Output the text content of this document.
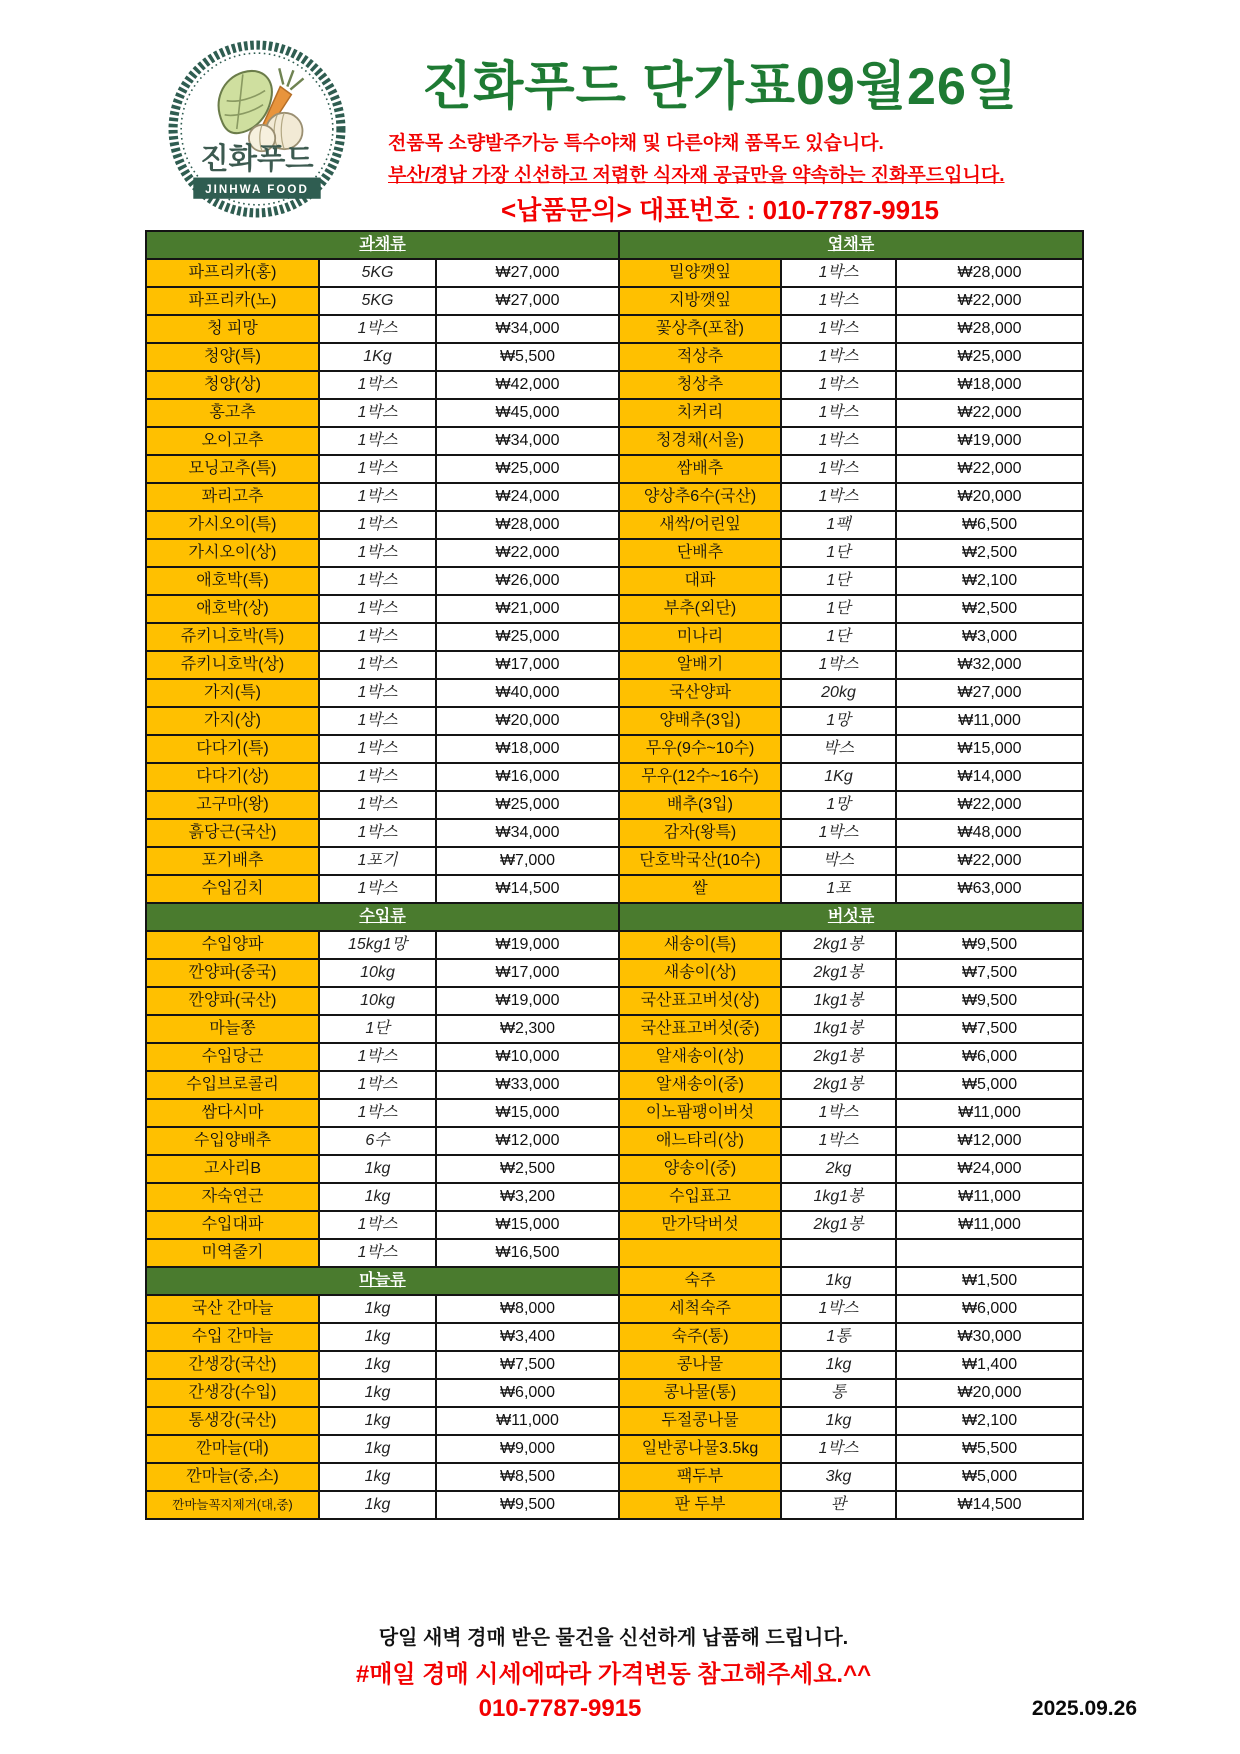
진화푸드
JINHWA FOOD
진화푸드 단가표09월26일
전품목 소량발주가능 특수야채 및 다른야채 품목도 있습니다.
부산/경남 가장 신선하고 저렴한 식자재 공급만을 약속하는 진화푸드입니다.
<납품문의> 대표번호 : 010-7787-9915
과채류			엽채류		
파프리카(홍)	5KG	₩27,000	밀양깻잎	1박스	₩28,000
파프리카(노)	5KG	₩27,000	지방깻잎	1박스	₩22,000
청 피망	1박스	₩34,000	꽃상추(포찹)	1박스	₩28,000
청양(특)	1Kg	₩5,500	적상추	1박스	₩25,000
청양(상)	1박스	₩42,000	청상추	1박스	₩18,000
홍고추	1박스	₩45,000	치커리	1박스	₩22,000
오이고추	1박스	₩34,000	청경채(서울)	1박스	₩19,000
모닝고추(특)	1박스	₩25,000	쌈배추	1박스	₩22,000
꽈리고추	1박스	₩24,000	양상추6수(국산)	1박스	₩20,000
가시오이(특)	1박스	₩28,000	새싹/어린잎	1팩	₩6,500
가시오이(상)	1박스	₩22,000	단배추	1단	₩2,500
애호박(특)	1박스	₩26,000	대파	1단	₩2,100
애호박(상)	1박스	₩21,000	부추(외단)	1단	₩2,500
쥬키니호박(특)	1박스	₩25,000	미나리	1단	₩3,000
쥬키니호박(상)	1박스	₩17,000	알배기	1박스	₩32,000
가지(특)	1박스	₩40,000	국산양파	20kg	₩27,000
가지(상)	1박스	₩20,000	양배추(3입)	1망	₩11,000
다다기(특)	1박스	₩18,000	무우(9수~10수)	박스	₩15,000
다다기(상)	1박스	₩16,000	무우(12수~16수)	1Kg	₩14,000
고구마(왕)	1박스	₩25,000	배추(3입)	1망	₩22,000
흙당근(국산)	1박스	₩34,000	감자(왕특)	1박스	₩48,000
포기배추	1포기	₩7,000	단호박국산(10수)	박스	₩22,000
수입김치	1박스	₩14,500	쌀	1포	₩63,000
수입류			버섯류		
수입양파	15kg1망	₩19,000	새송이(특)	2kg1봉	₩9,500
깐양파(중국)	10kg	₩17,000	새송이(상)	2kg1봉	₩7,500
깐양파(국산)	10kg	₩19,000	국산표고버섯(상)	1kg1봉	₩9,500
마늘쫑	1단	₩2,300	국산표고버섯(중)	1kg1봉	₩7,500
수입당근	1박스	₩10,000	알새송이(상)	2kg1봉	₩6,000
수입브로콜리	1박스	₩33,000	알새송이(중)	2kg1봉	₩5,000
쌈다시마	1박스	₩15,000	이노팜팽이버섯	1박스	₩11,000
수입양배추	6수	₩12,000	애느타리(상)	1박스	₩12,000
고사리B	1kg	₩2,500	양송이(중)	2kg	₩24,000
자숙연근	1kg	₩3,200	수입표고	1kg1봉	₩11,000
수입대파	1박스	₩15,000	만가닥버섯	2kg1봉	₩11,000
미역줄기	1박스	₩16,500			
마늘류			숙주	1kg	₩1,500
국산 간마늘	1kg	₩8,000	세척숙주	1박스	₩6,000
수입 간마늘	1kg	₩3,400	숙주(통)	1통	₩30,000
간생강(국산)	1kg	₩7,500	콩나물	1kg	₩1,400
간생강(수입)	1kg	₩6,000	콩나물(통)	통	₩20,000
통생강(국산)	1kg	₩11,000	두절콩나물	1kg	₩2,100
깐마늘(대)	1kg	₩9,000	일반콩나물3.5kg	1박스	₩5,500
깐마늘(중,소)	1kg	₩8,500	팩두부	3kg	₩5,000
깐마늘꼭지제거(대,중)	1kg	₩9,500	판 두부	판	₩14,500
당일 새벽 경매 받은 물건을 신선하게 납품해 드립니다.
#매일 경매 시세에따라 가격변동 참고해주세요.^^
010-7787-9915	2025.09.26
